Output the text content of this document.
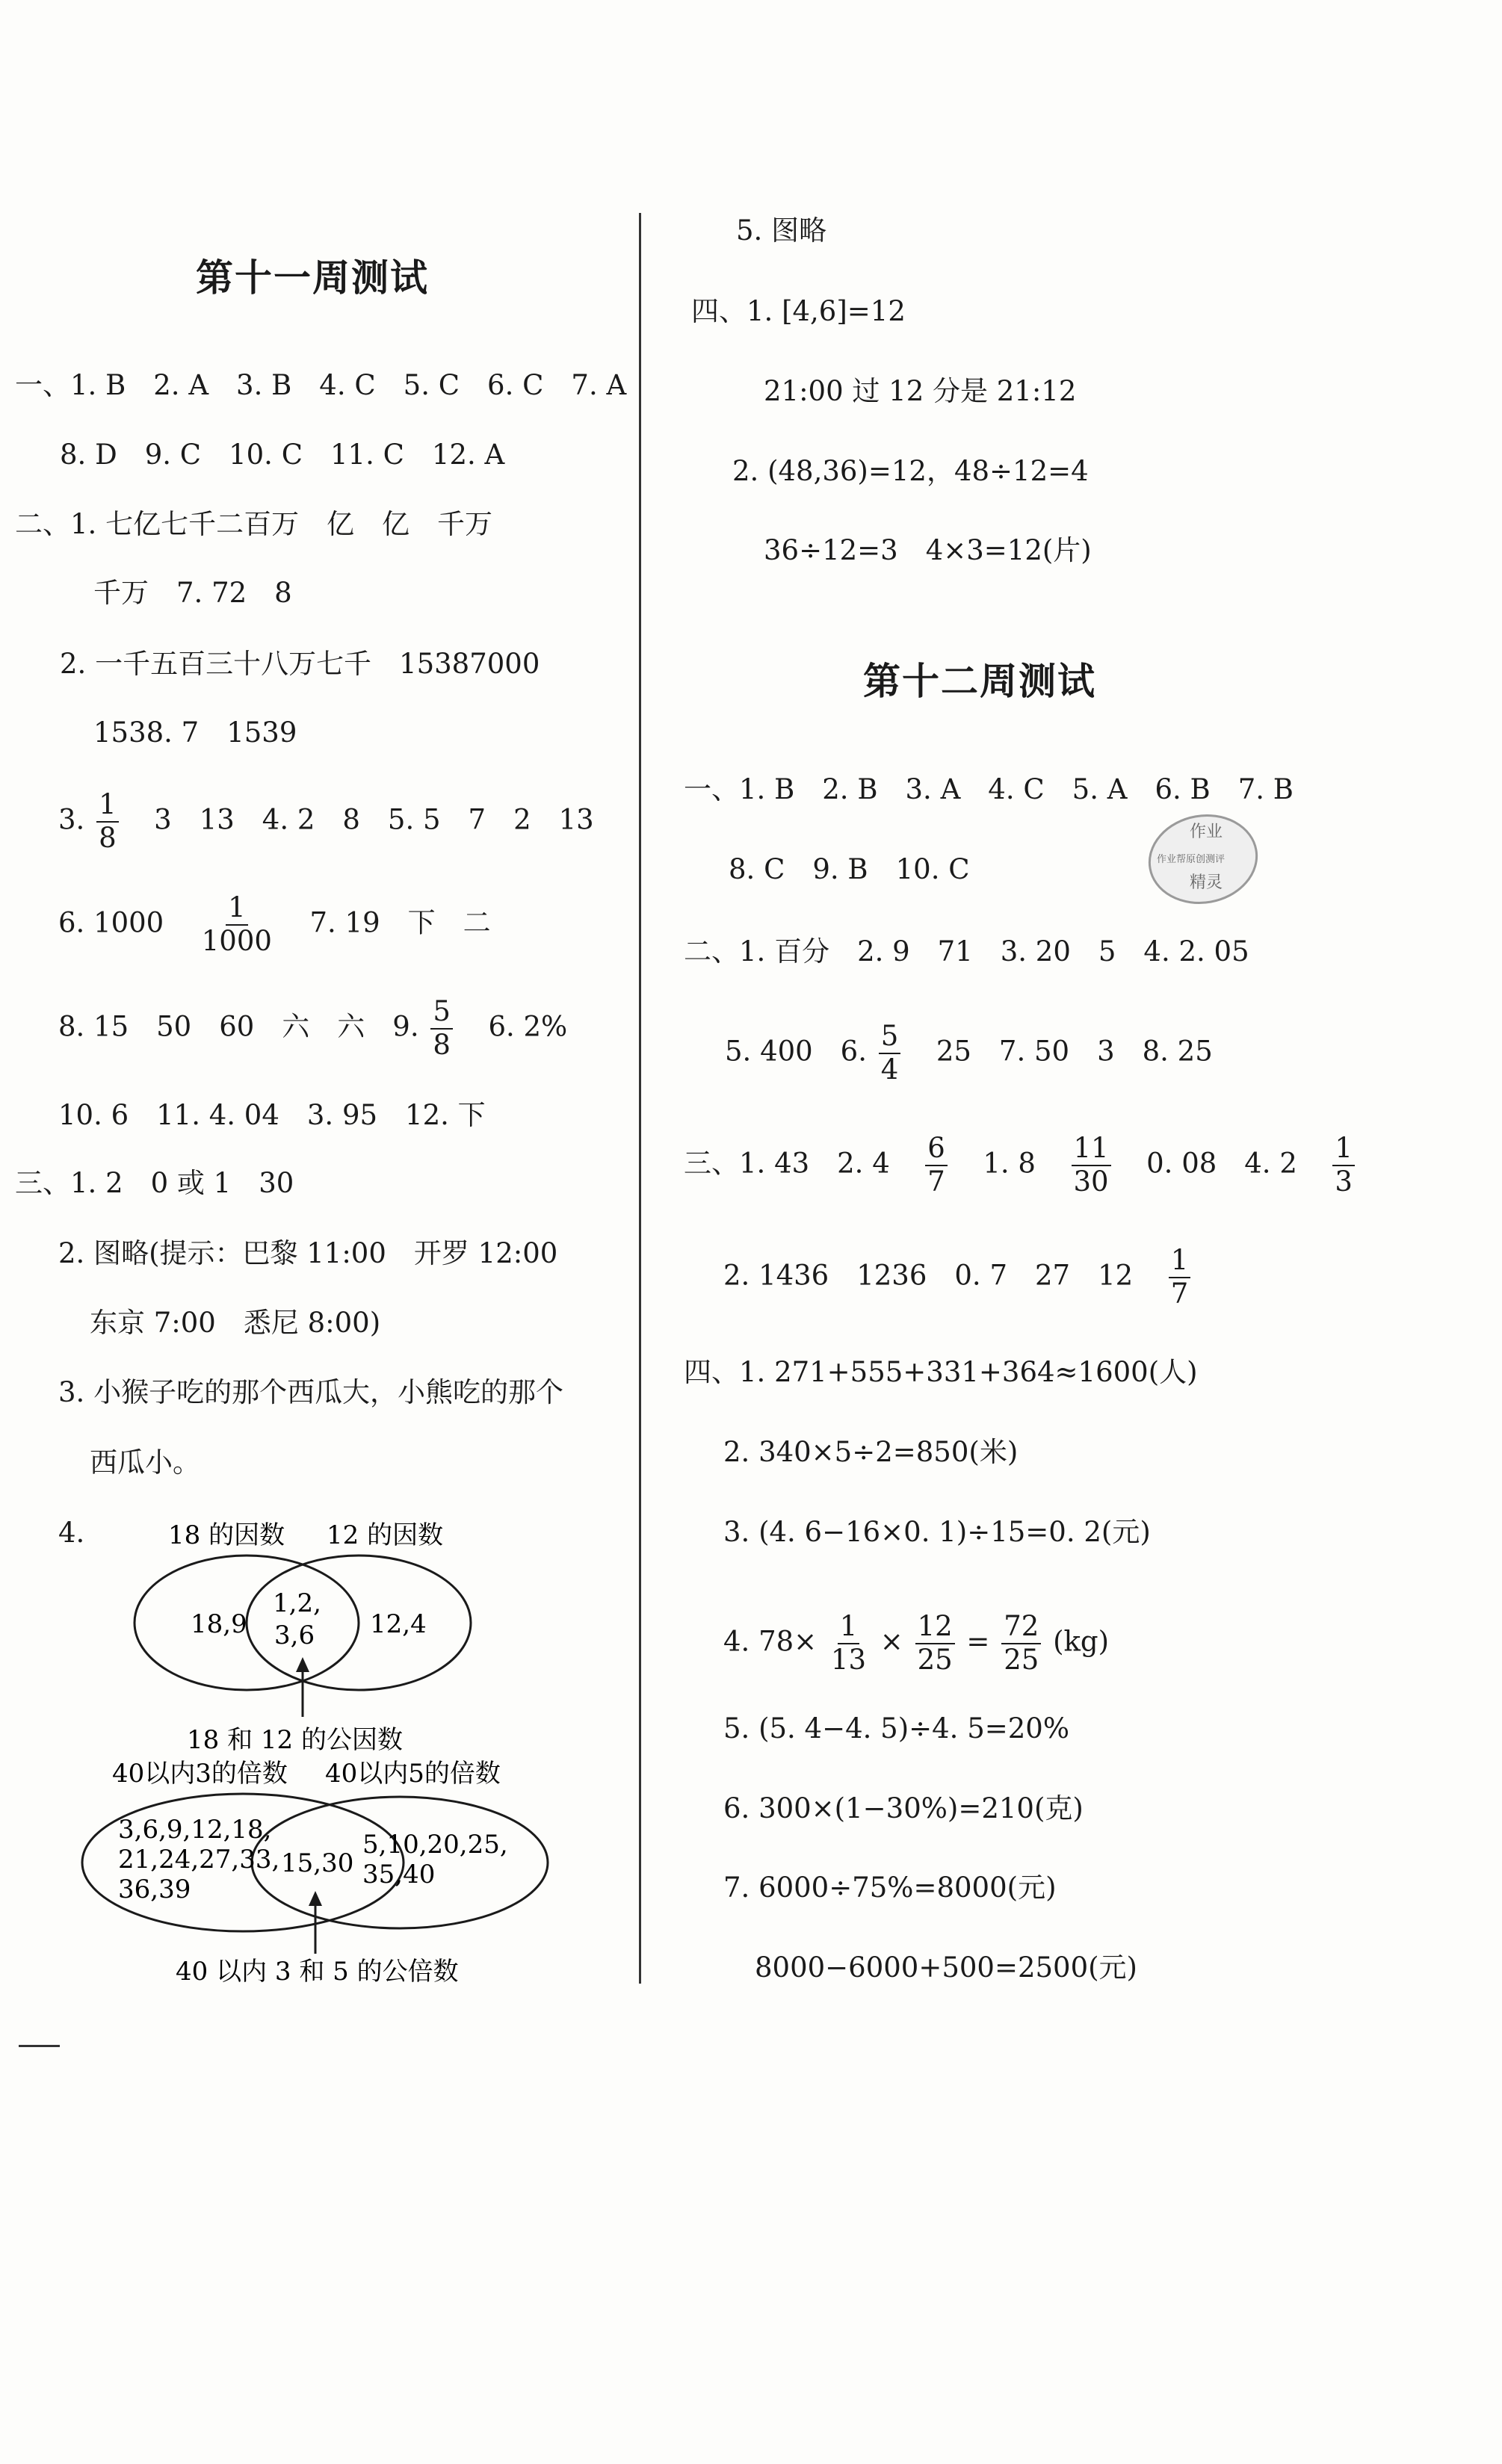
第十一周测试
一、1. B　2. A　3. B　4. C　5. C　6. C　7. A
8. D　9. C　10. C　11. C　12. A
二、1. 七亿七千二百万　亿　亿　千万
千万　7. 72　8
2. 一千五百三十八万七千　15387000
1538. 7　1539
3. $\frac{1}{8} 3$　13　4. 2　8　5. 5　7　2　13
6. $1000 \frac{1}{1000} 7$. 19　下　二
8. 15　50　60　六　六　9. $\frac{5}{8} 6$. 2%
10. 6　11. 4. 04　3. 95　12. 下
三、1. 2　0 或 1　30
2. 图略(提示：巴黎 11:00　开罗 12:00
东京 7:00　悉尼 8:00)
3. 小猴子吃的那个西瓜大，小熊吃的那个
西瓜小。
4.	18 的因数 12 的因数
18,9
1,2,
3,6 12,4
18 和 12 的公因数
40以内3的倍数 40以内5的倍数
3,6,9,12,18,
21,24,27,33,
36,39
15,30
5,10,20,25,
35,40
40 以内 3 和 5 的公倍数
5. 图略
四、1. [4,6]=12
21:00 过 12 分是 21:12
2. (48,36)=12，48÷12=4
36÷12=3　4×3=12(片)
第十二周测试
一、1. B　2. B　3. A　4. C　5. A　6. B　7. B
8. C　9. B　10. C
作业
作业帮原创测评
精灵
二、1. 百分　2. 9　71　3. 20　5　4. 2. 05
5. 400　6. $\frac{5}{4} 25$　7. 50　3　8. 25
三、1. 43　2. $4 \frac{6}{7} 1$. $8 \frac{11}{30} 0$. 08　4. $2 \frac{1}{3}$
2. 1436　1236　0. 7　27　$12 \frac{1}{7}$
四、1. 271+555+331+364≈1600(人)
2. 340×5÷2=850(米)
3. (4. 6−16×0. 1)÷15=0. 2(元)
4. $78\times \frac{1}{13} \times \frac{12}{25} = \frac{72}{25} (kg)$
5. (5. 4−4. 5)÷4. 5=20%
6. 300×(1−30%)=210(克)
7. 6000÷75%=8000(元)
8000−6000+500=2500(元)
